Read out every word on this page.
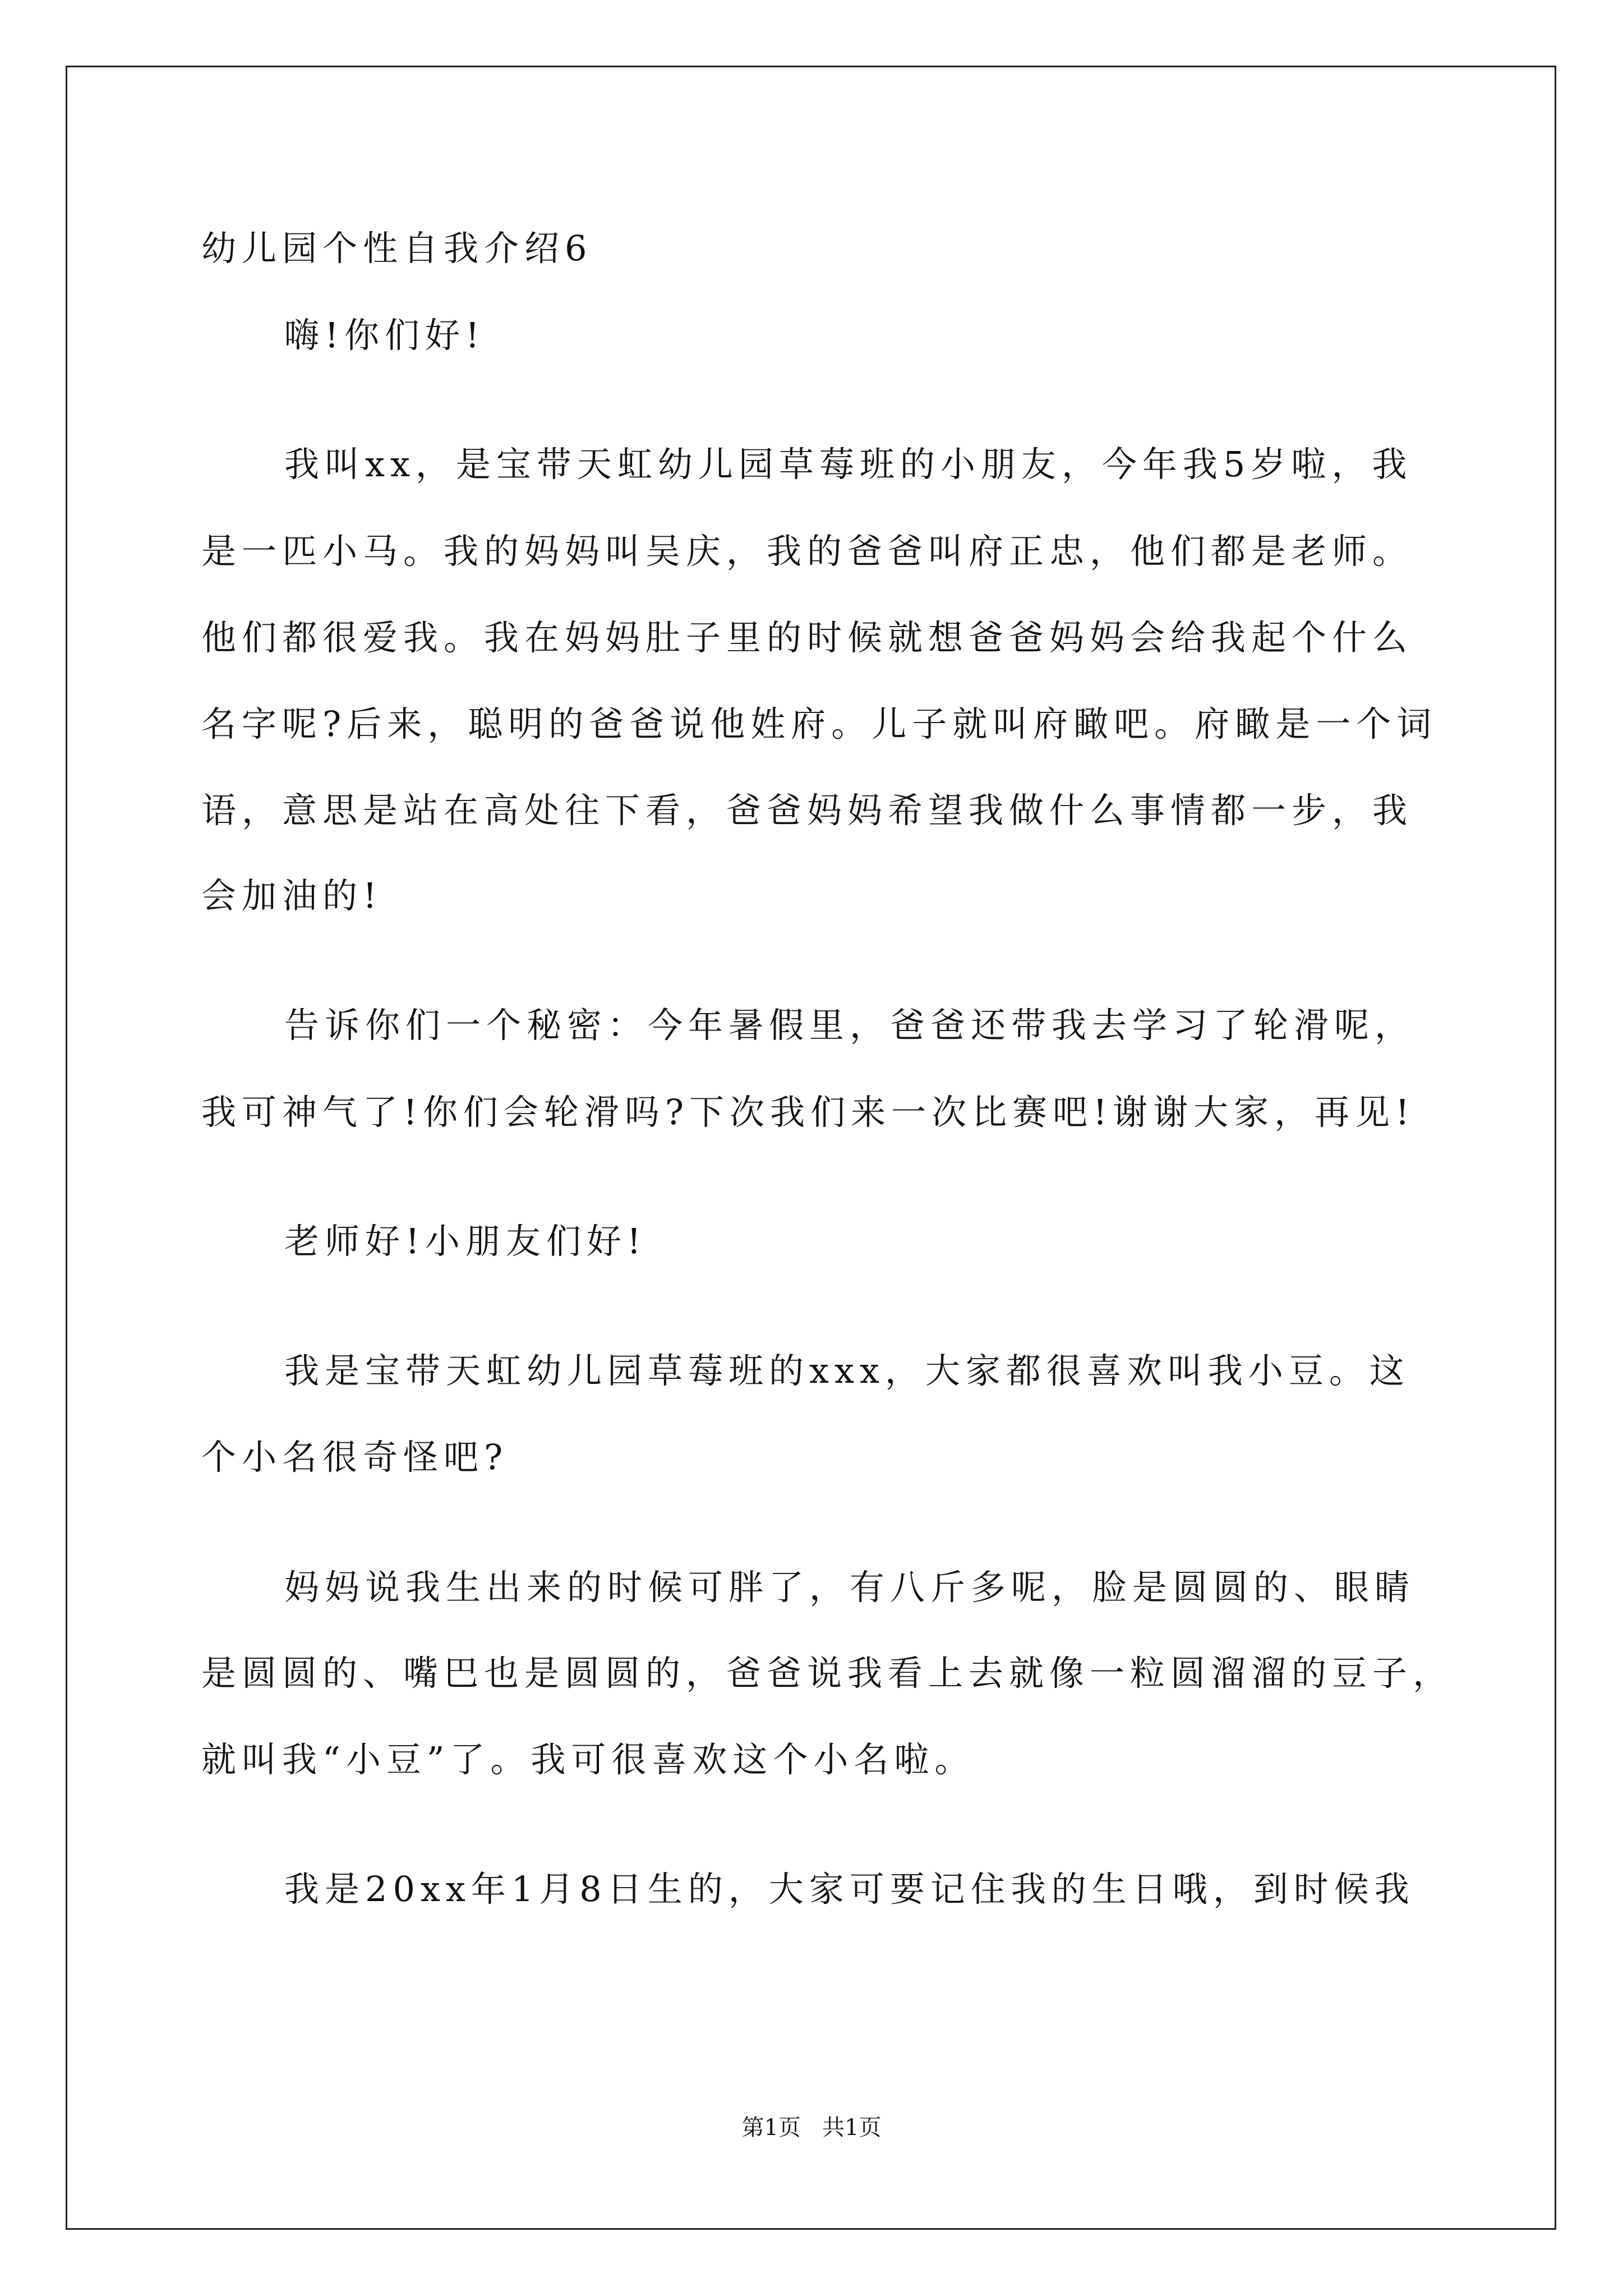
幼儿园个性自我介绍6
嗨!你们好!
我叫xx，是宝带天虹幼儿园草莓班的小朋友，今年我5岁啦，我
是一匹小马。我的妈妈叫吴庆，我的爸爸叫府正忠，他们都是老师。
他们都很爱我。我在妈妈肚子里的时候就想爸爸妈妈会给我起个什么
名字呢?后来，聪明的爸爸说他姓府。儿子就叫府瞰吧。府瞰是一个词
语，意思是站在高处往下看，爸爸妈妈希望我做什么事情都一步，我
会加油的!
告诉你们一个秘密：今年暑假里，爸爸还带我去学习了轮滑呢，
我可神气了!你们会轮滑吗?下次我们来一次比赛吧!谢谢大家，再见!
老师好!小朋友们好!
我是宝带天虹幼儿园草莓班的xxx，大家都很喜欢叫我小豆。这
个小名很奇怪吧?
妈妈说我生出来的时候可胖了，有八斤多呢，脸是圆圆的、眼睛
是圆圆的、嘴巴也是圆圆的，爸爸说我看上去就像一粒圆溜溜的豆子，
就叫我“小豆”了。我可很喜欢这个小名啦。
我是20xx年1月8日生的，大家可要记住我的生日哦，到时候我
第1页   共1页
